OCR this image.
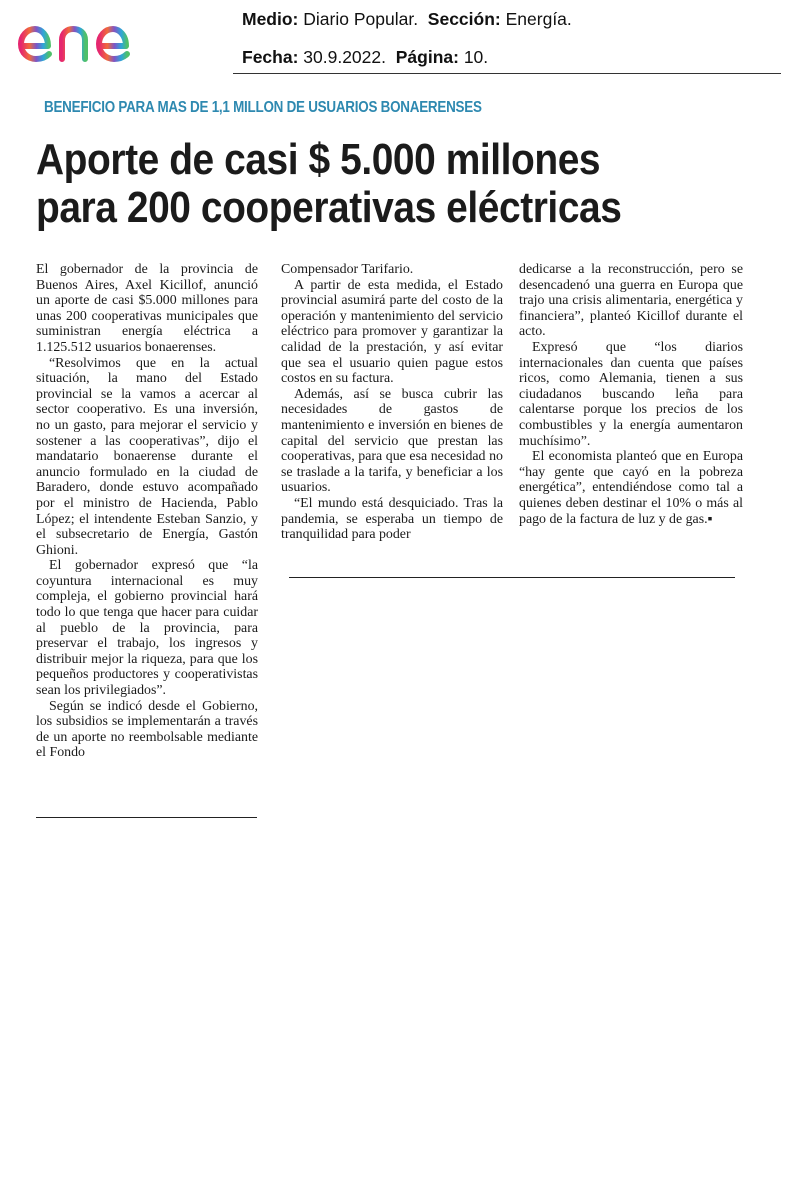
Medio: Diario Popular. Sección: Energía.
Fecha: 30.9.2022. Página: 10.
BENEFICIO PARA MAS DE 1,1 MILLON DE USUARIOS BONAERENSES
Aporte de casi $ 5.000 millones
para 200 cooperativas eléctricas

El gobernador de la provincia de Buenos Aires, Axel Kicillof, anunció un aporte de casi $5.000 millones para unas 200 cooperativas municipales que suministran energía eléctrica a 1.125.512 usuarios bonaerenses.

“Resolvimos que en la actual situación, la mano del Estado provincial se la vamos a acercar al sector cooperativo. Es una inversión, no un gasto, para mejorar el servicio y sostener a las cooperativas”, dijo el mandatario bonaerense durante el anuncio formulado en la ciudad de Baradero, donde estuvo acompañado por el ministro de Hacienda, Pablo López; el intendente Esteban Sanzio, y el subsecretario de Energía, Gastón Ghioni.

El gobernador expresó que “la coyuntura internacional es muy compleja, el gobierno provincial hará todo lo que tenga que hacer para cuidar al pueblo de la provincia, para preservar el trabajo, los ingresos y distribuir mejor la riqueza, para que los pequeños productores y cooperativistas sean los privilegiados”.

Según se indicó desde el Gobierno, los subsidios se implementarán a través de un aporte no reembolsable mediante el Fondo

Compensador Tarifario.

A partir de esta medida, el Estado provincial asumirá parte del costo de la operación y mantenimiento del servicio eléctrico para promover y garantizar la calidad de la prestación, y así evitar que sea el usuario quien pague estos costos en su factura.

Además, así se busca cubrir las necesidades de gastos de mantenimiento e inversión en bienes de capital del servicio que prestan las cooperativas, para que esa necesidad no se traslade a la tarifa, y beneficiar a los usuarios.

“El mundo está desquiciado. Tras la pandemia, se esperaba un tiempo de tranquilidad para poder

dedicarse a la reconstrucción, pero se desencadenó una guerra en Europa que trajo una crisis alimentaria, energética y financiera”, planteó Kicillof durante el acto.

Expresó que “los diarios internacionales dan cuenta que países ricos, como Alemania, tienen a sus ciudadanos buscando leña para calentarse porque los precios de los combustibles y la energía aumentaron muchísimo”.

El economista planteó que en Europa “hay gente que cayó en la pobreza energética”, entendiéndose como tal a quienes deben destinar el 10% o más al pago de la factura de luz y de gas.▪
